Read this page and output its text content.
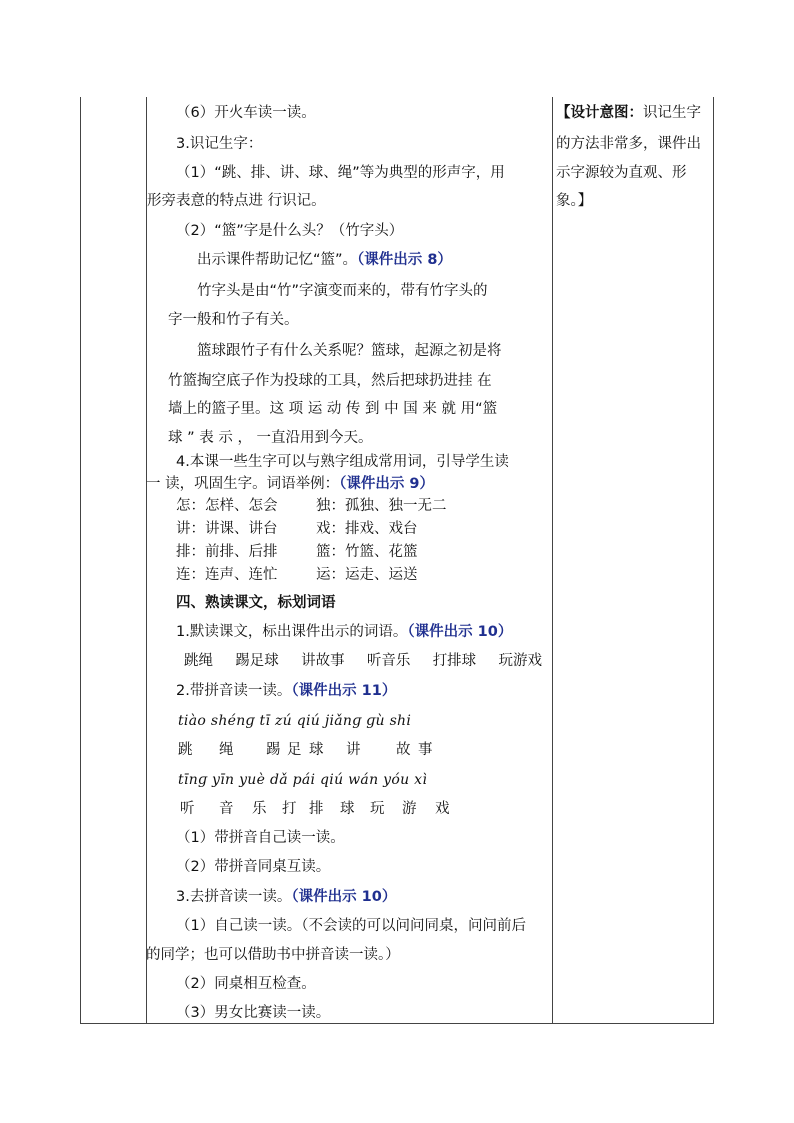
（6）开火车读一读。
3.识记生字：
（1）“跳、排、讲、球、绳”等为典型的形声字，用
形旁表意的特点进 行识记。
（2）“篮”字是什么头？（竹字头）
出示课件帮助记忆“篮”。（课件出示 8）
竹字头是由“竹”字演变而来的，带有竹字头的
字一般和竹子有关。
篮球跟竹子有什么关系呢？篮球，起源之初是将
竹篮掏空底子作为投球的工具，然后把球扔进挂 在
墙上的篮子里。这 项 运 动 传 到 中 国 来 就 用“篮
球 ” 表 示 ， 一直沿用到今天。
4.本课一些生字可以与熟字组成常用词，引导学生读
一 读，巩固生字。词语举例：（课件出示 9）
怎：怎样、怎会	独：孤独、独一无二
讲：讲课、讲台	戏：排戏、戏台
排：前排、后排	篮：竹篮、花篮
连：连声、连忙	运：运走、运送
四、熟读课文，标划词语
1.默读课文，标出课件出示的词语。（课件出示 10）
跳绳 踢足球 讲故事 听音乐 打排球 玩游戏
2.带拼音读一读。（课件出示 11）
tiào shénɡ tī zú qiú jiǎnɡ ɡù shi
跳 绳 踢 足 球 讲 故 事
tīnɡ yīn yuè dǎ pái qiú wán yóu xì
听 音 乐 打 排 球 玩 游 戏
（1）带拼音自己读一读。
（2）带拼音同桌互读。
3.去拼音读一读。（课件出示 10）
（1）自己读一读。（不会读的可以问问同桌，问问前后
的同学；也可以借助书中拼音读一读。）
（2）同桌相互检查。
（3）男女比赛读一读。
【设计意图：识记生字
的方法非常多，课件出
示字源较为直观、形
象。】
